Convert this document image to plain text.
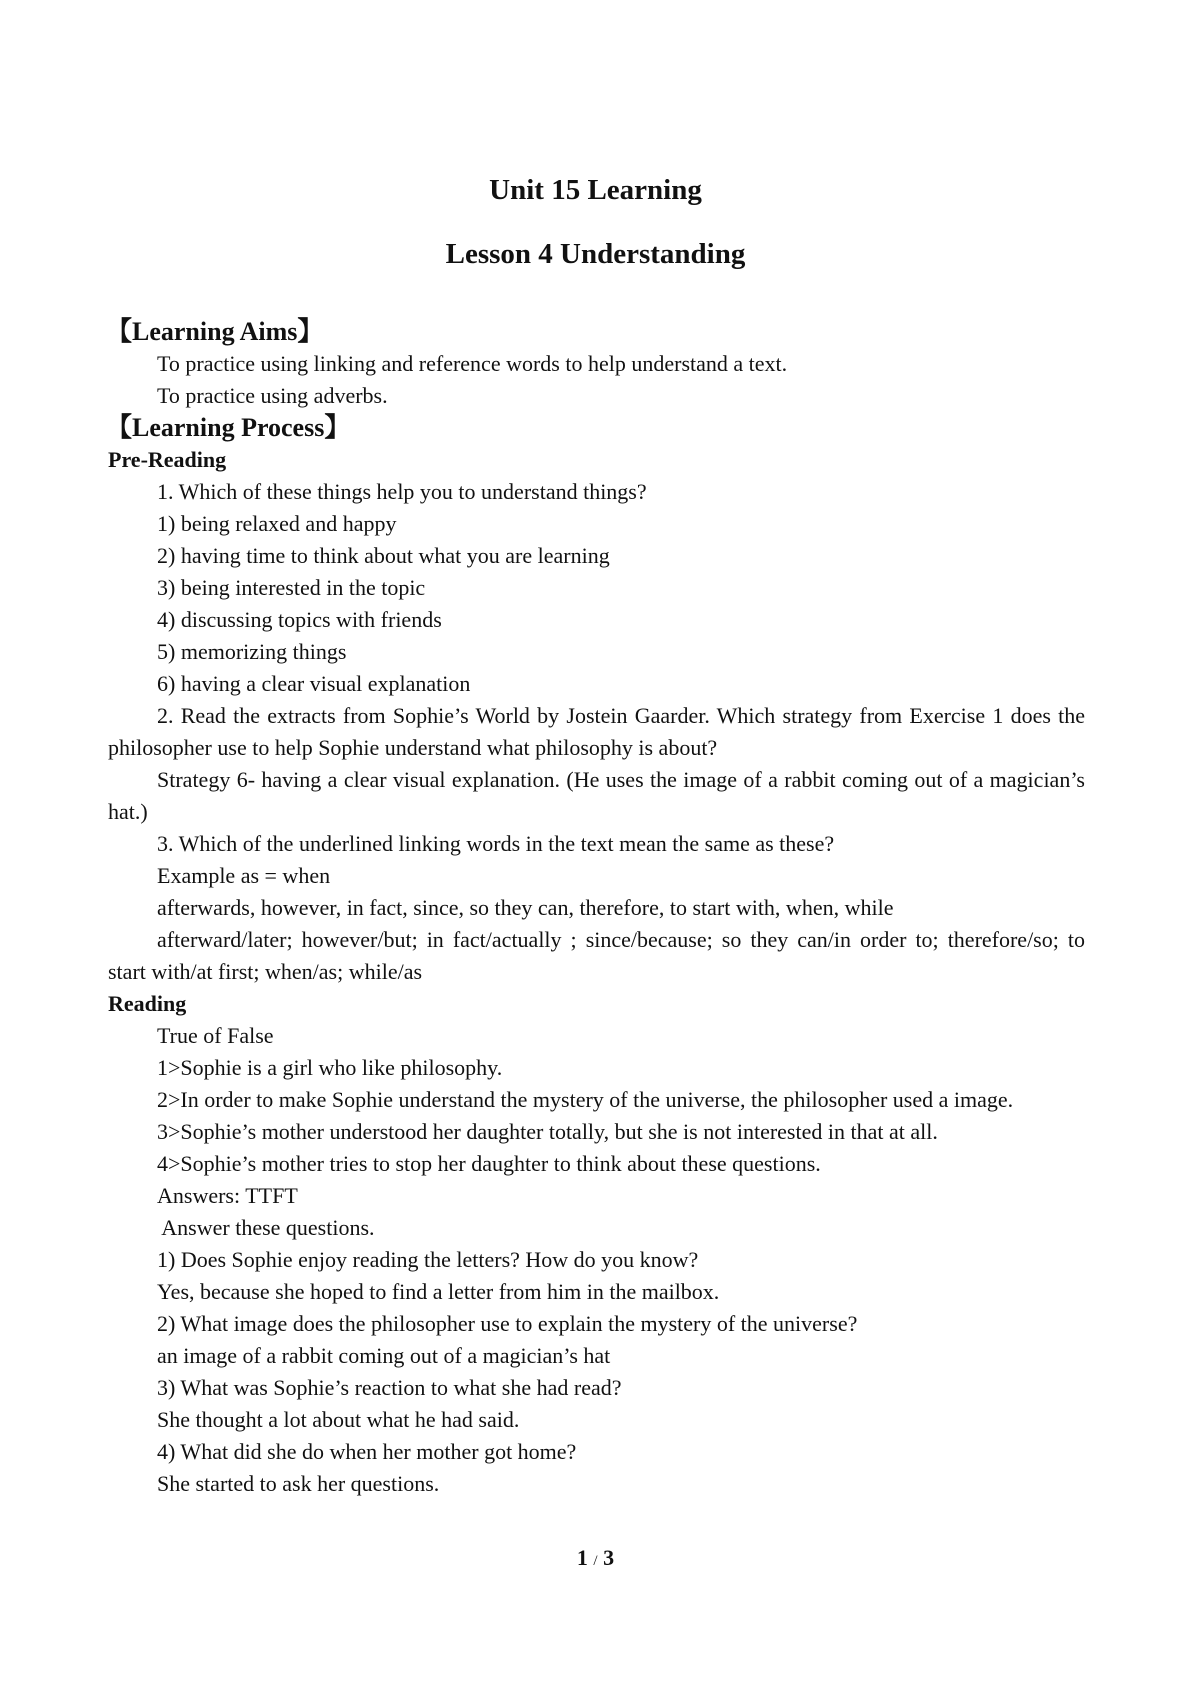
Unit 15 Learning
Lesson 4 Understanding
【Learning Aims】
To practice using linking and reference words to help understand a text.
To practice using adverbs.
【Learning Process】
Pre-Reading
1. Which of these things help you to understand things?
1) being relaxed and happy
2) having time to think about what you are learning
3) being interested in the topic
4) discussing topics with friends
5) memorizing things
6) having a clear visual explanation
2. Read the extracts from Sophie’s World by Jostein Gaarder. Which strategy from Exercise 1 does the philosopher use to help Sophie understand what philosophy is about?
Strategy 6- having a clear visual explanation. (He uses the image of a rabbit coming out of a magician’s hat.)
3. Which of the underlined linking words in the text mean the same as these?
Example as = when
afterwards, however, in fact, since, so they can, therefore, to start with, when, while
afterward/later; however/but; in fact/actually ; since/because; so they can/in order to; therefore/so; to start with/at first; when/as; while/as
Reading
True of False
1>Sophie is a girl who like philosophy.
2>In order to make Sophie understand the mystery of the universe, the philosopher used a image.
3>Sophie’s mother understood her daughter totally, but she is not interested in that at all.
4>Sophie’s mother tries to stop her daughter to think about these questions.
Answers: TTFT
Answer these questions.
1) Does Sophie enjoy reading the letters? How do you know?
Yes, because she hoped to find a letter from him in the mailbox.
2) What image does the philosopher use to explain the mystery of the universe?
an image of a rabbit coming out of a magician’s hat
3) What was Sophie’s reaction to what she had read?
She thought a lot about what he had said.
4) What did she do when her mother got home?
She started to ask her questions.
1 / 3
